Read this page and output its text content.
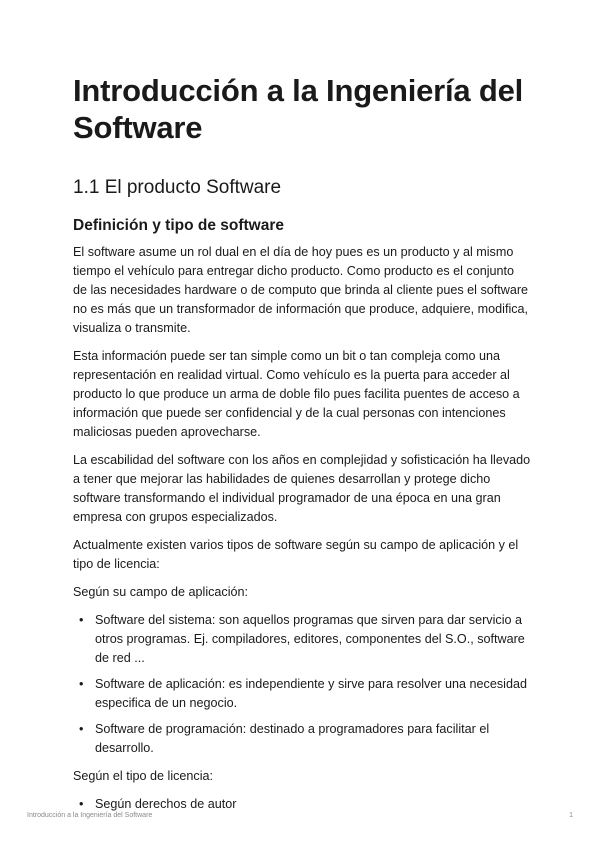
Introducción a la Ingeniería del Software
1.1 El producto Software
Definición y tipo de software

El software asume un rol dual en el día de hoy pues es un producto y al mismo tiempo el vehículo para entregar dicho producto. Como producto es el conjunto de las necesidades hardware o de computo que brinda al cliente pues el software no es más que un transformador de información que produce, adquiere, modifica, visualiza o transmite.

Esta información puede ser tan simple como un bit o tan compleja como una representación en realidad virtual. Como vehículo es la puerta para acceder al producto lo que produce un arma de doble filo pues facilita puentes de acceso a información que puede ser confidencial y de la cual personas con intenciones maliciosas pueden aprovecharse.

La escabilidad del software con los años en complejidad y sofisticación ha llevado a tener que mejorar las habilidades de quienes desarrollan y protege dicho software transformando el individual programador de una época en una gran empresa con grupos especializados.

Actualmente existen varios tipos de software según su campo de aplicación y el tipo de licencia:

Según su campo de aplicación:

• Software del sistema: son aquellos programas que sirven para dar servicio a otros programas. Ej. compiladores, editores, componentes del S.O., software de red ...
• Software de aplicación: es independiente y sirve para resolver una necesidad especifica de un negocio.
• Software de programación: destinado a programadores para facilitar el desarrollo.

Según el tipo de licencia:

• Según derechos de autor
Introducción a la Ingeniería del Software	1
